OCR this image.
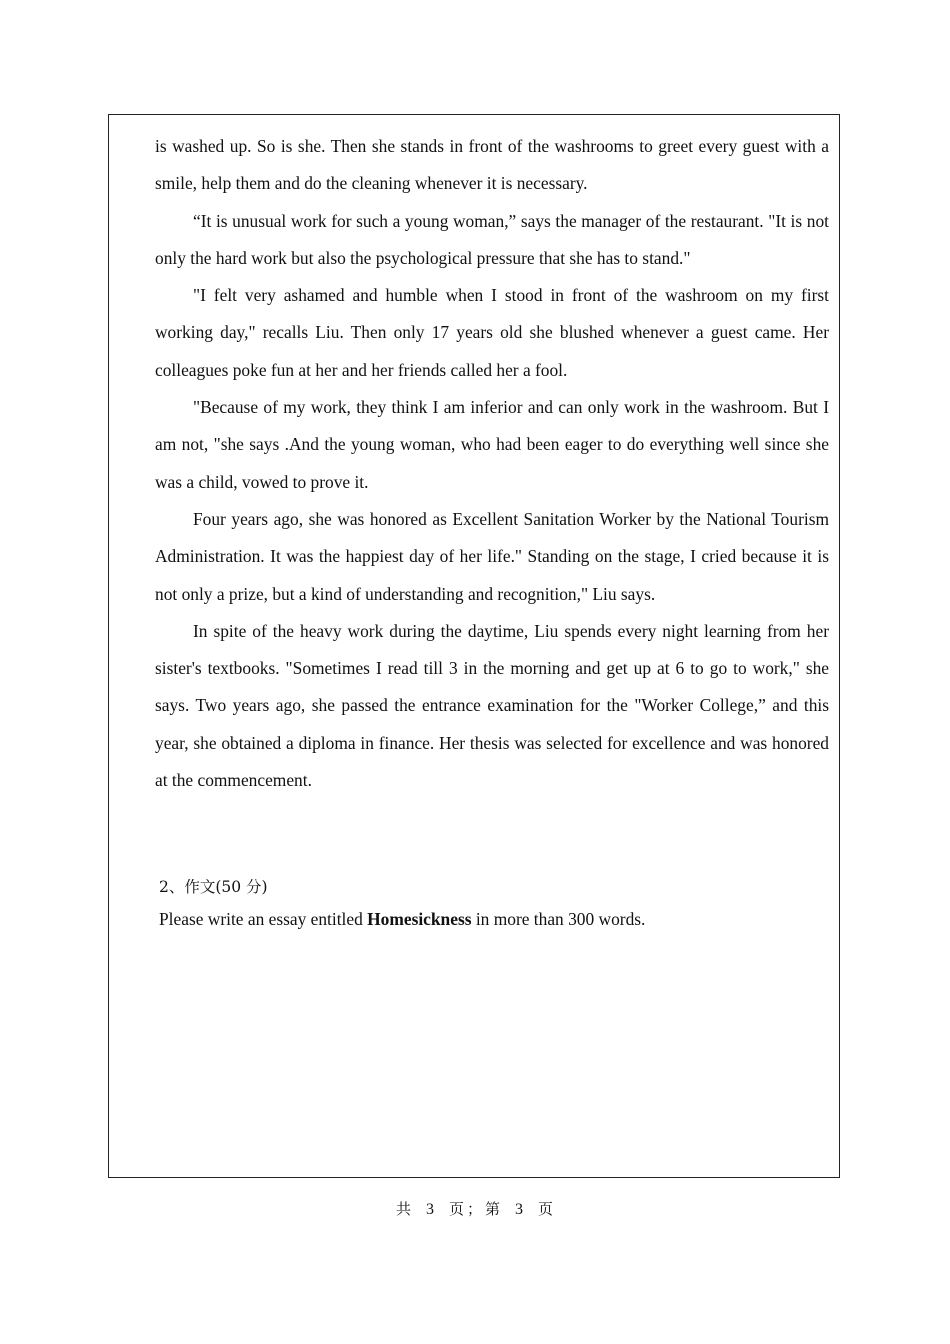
is washed up. So is she. Then she stands in front of the washrooms to greet every guest with a smile, help them and do the cleaning whenever it is necessary.

“It is unusual work for such a young woman,” says the manager of the restaurant. "It is not only the hard work but also the psychological pressure that she has to stand."

"I felt very ashamed and humble when I stood in front of the washroom on my first working day," recalls Liu. Then only 17 years old she blushed whenever a guest came. Her colleagues poke fun at her and her friends called her a fool.

"Because of my work, they think I am inferior and can only work in the washroom. But I am not, "she says .And the young woman, who had been eager to do everything well since she was a child, vowed to prove it.

Four years ago, she was honored as Excellent Sanitation Worker by the National Tourism Administration. It was the happiest day of her life." Standing on the stage, I cried because it is not only a prize, but a kind of understanding and recognition," Liu says.

In spite of the heavy work during the daytime, Liu spends every night learning from her sister's textbooks. "Sometimes I read till 3 in the morning and get up at 6 to go to work," she says. Two years ago, she passed the entrance examination for the "Worker College,” and this year, she obtained a diploma in finance. Her thesis was selected for excellence and was honored at the commencement.

2、作文(50 分)

Please write an essay entitled Homesickness in more than 300 words.

共 3 页 ； 第 3 页
